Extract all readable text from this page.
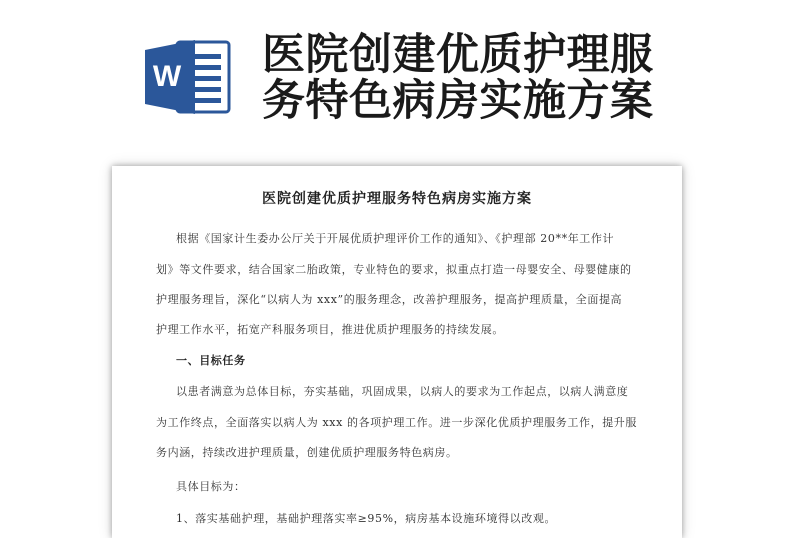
W 医院创建优质护理服
务特色病房实施方案
医院创建优质护理服务特色病房实施方案

根据《国家计生委办公厅关于开展优质护理评价工作的通知》、《护理部 20**年工作计

划》等文件要求，结合国家二胎政策，专业特色的要求，拟重点打造一母婴安全、母婴健康的

护理服务理旨，深化“以病人为 xxx”的服务理念，改善护理服务，提高护理质量，全面提高

护理工作水平，拓宽产科服务项目，推进优质护理服务的持续发展。

一、目标任务

以患者满意为总体目标，夯实基础，巩固成果，以病人的要求为工作起点，以病人满意度

为工作终点，全面落实以病人为 xxx 的各项护理工作。进一步深化优质护理服务工作，提升服

务内涵，持续改进护理质量，创建优质护理服务特色病房。

具体目标为：

1、落实基础护理，基础护理落实率≥95%，病房基本设施环境得以改观。
